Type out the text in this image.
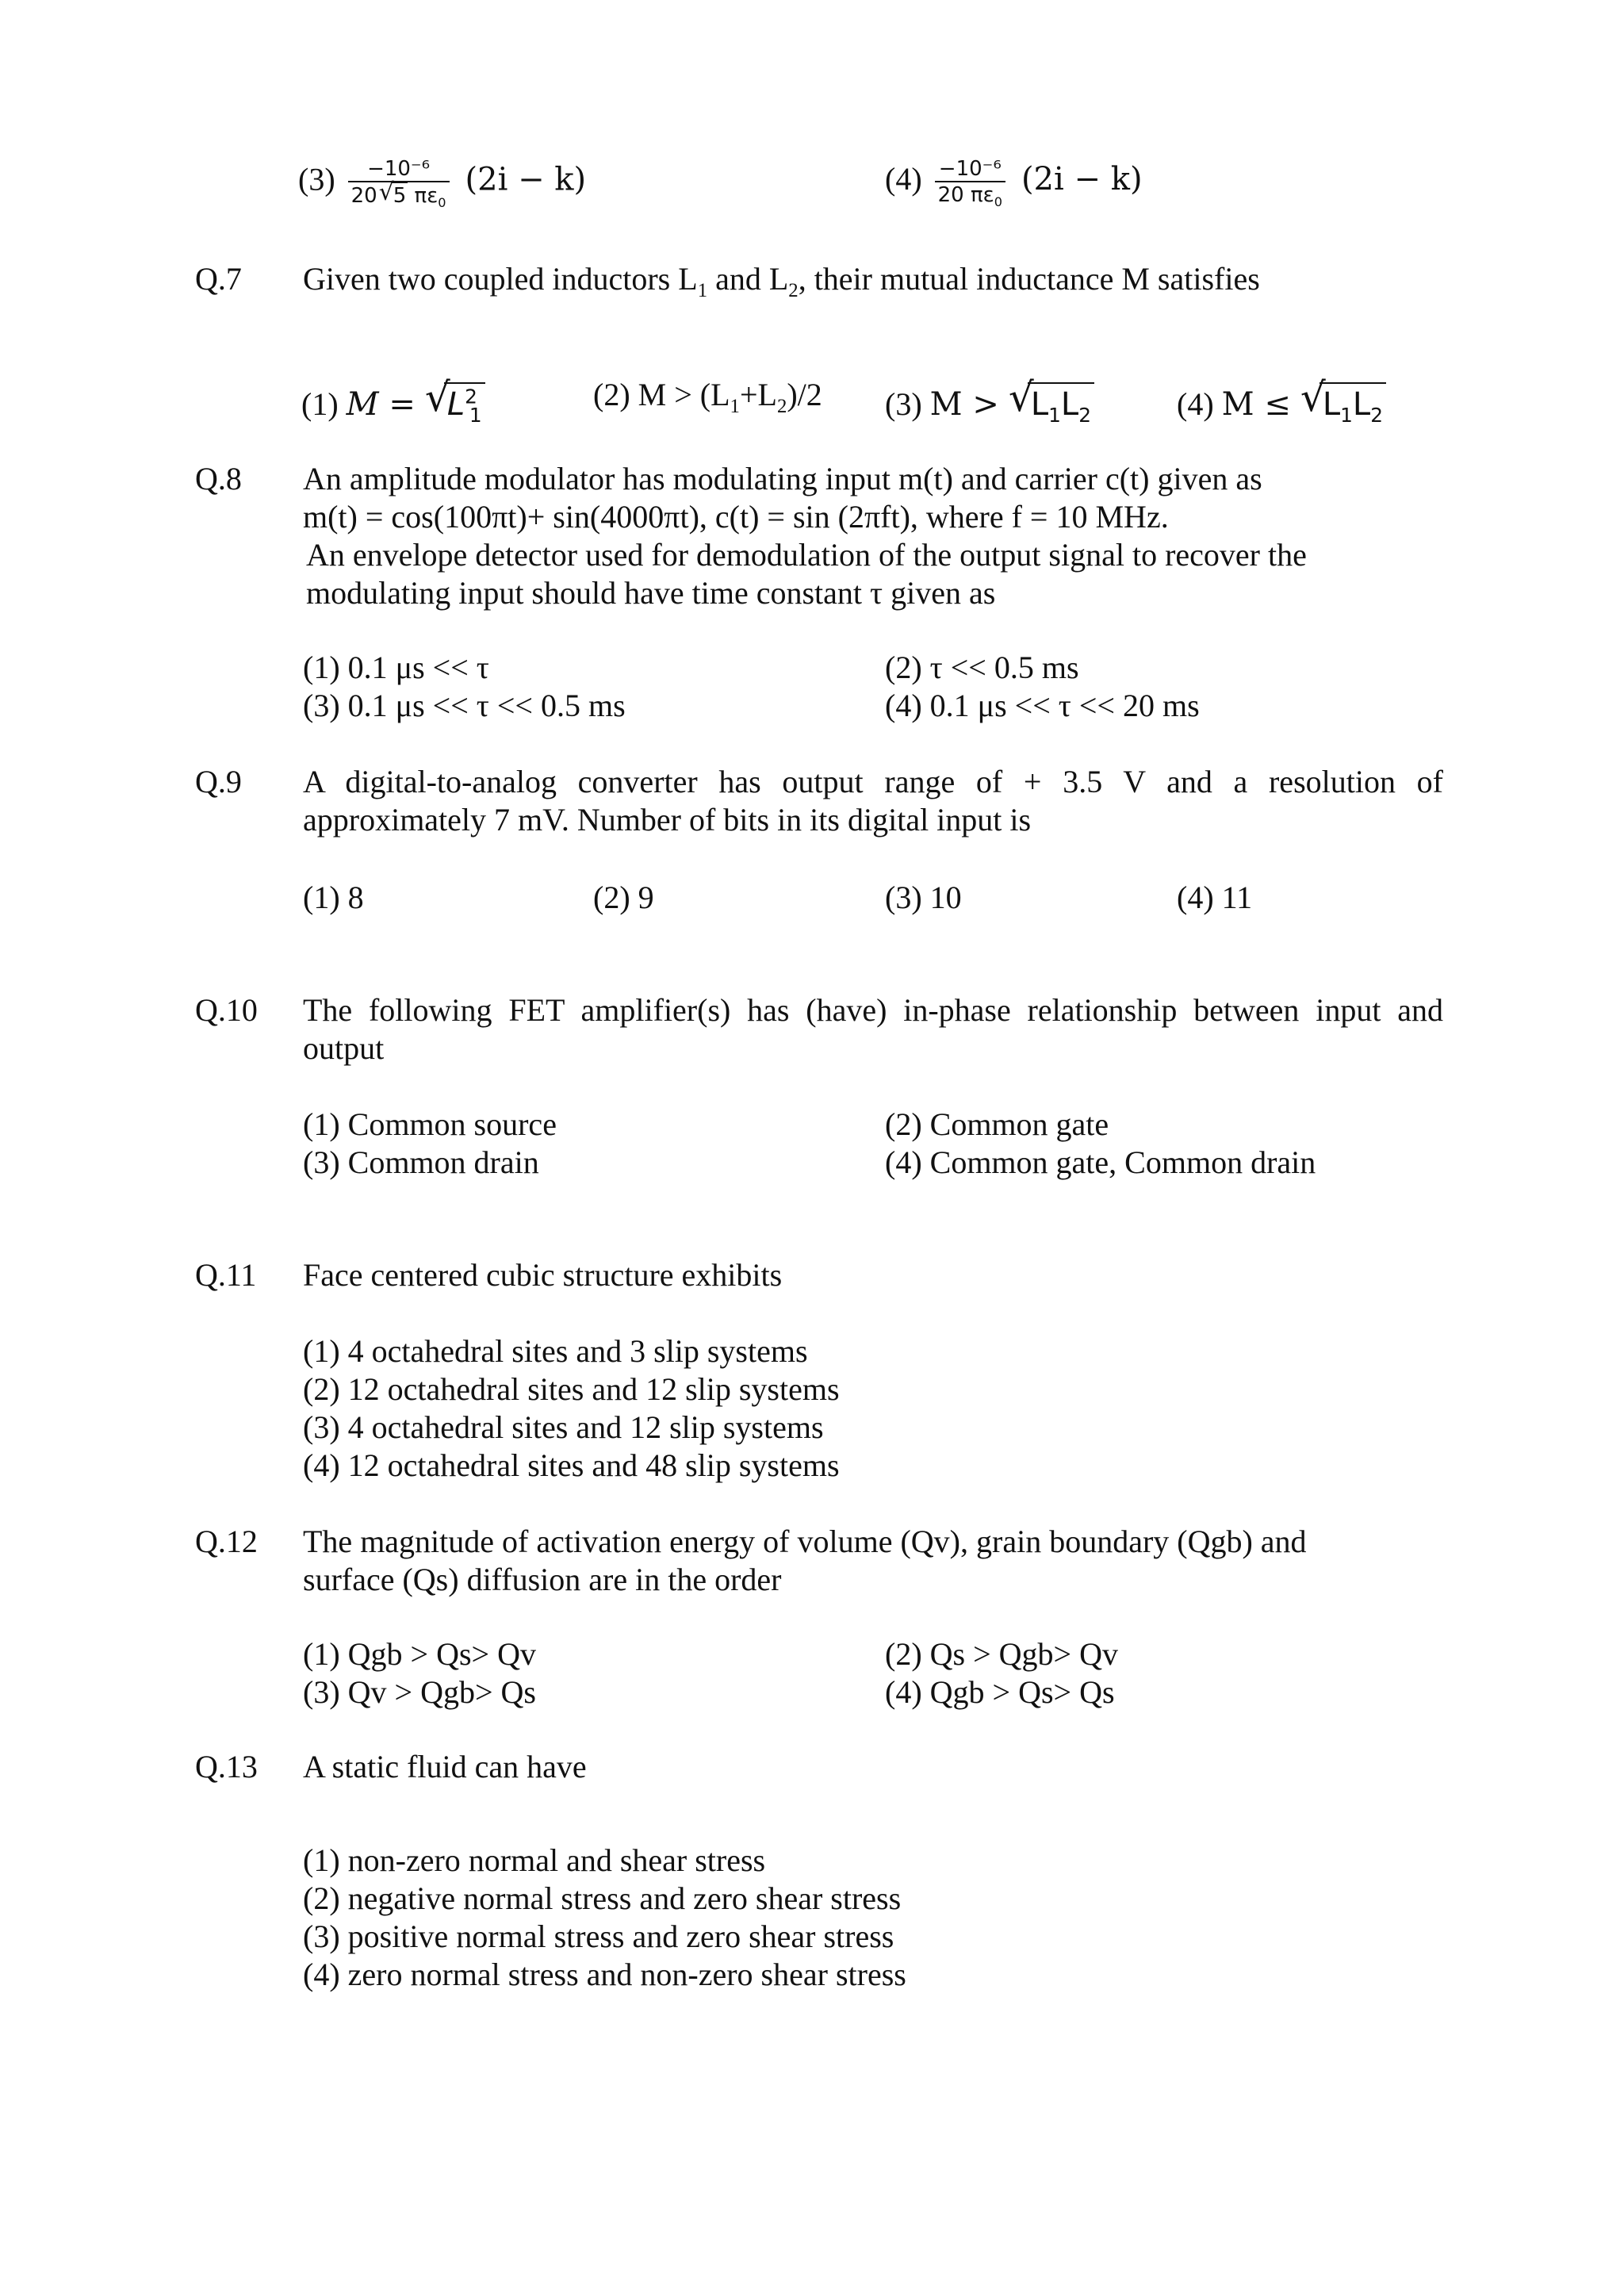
(3) −10⁻⁶
20 √
5 $\pi\varepsilon_0$ (2i − k)	$(4) \frac{\text{−10⁻⁶}}{20 \pi\varepsilon_0} (2i - k)$
Q.7 Given two coupled inductors $L_1$ and $L_2$, their mutual inductance M satisfies
(1) M = √
$L^2_1$
(2) $M > (L_1+L_2)/2$ (3) M > √
$L_1L_2$	(4) M ≤ √
$L_1L_2$
Q.8 An amplitude modulator has modulating input m(t) and carrier c(t) given as
m(t) = cos(100πt)+ sin(4000πt), c(t) = sin (2πft), where f = 10 MHz.
An envelope detector used for demodulation of the output signal to recover the
modulating input should have time constant τ given as
(1) 0.1 μs << τ	(2) τ << 0.5 ms
(3) 0.1 μs << τ << 0.5 ms	(4) 0.1 μs << τ << 20 ms
Q.9 A digital-to-analog converter has output range of + 3.5 V and a resolution of approximately 7 mV. Number of bits in its digital input is
(1) 8	(2) 9	(3) 10	(4) 11
Q.10 The following FET amplifier(s) has (have) in-phase relationship between input and output
(1) Common source	(2) Common gate
(3) Common drain	(4) Common gate, Common drain
Q.11 Face centered cubic structure exhibits
(1) 4 octahedral sites and 3 slip systems
(2) 12 octahedral sites and 12 slip systems
(3) 4 octahedral sites and 12 slip systems
(4) 12 octahedral sites and 48 slip systems
Q.12 The magnitude of activation energy of volume (Qv), grain boundary (Qgb) and
surface (Qs) diffusion are in the order
(1) Qgb > Qs> Qv	(2) Qs > Qgb> Qv
(3) Qv > Qgb> Qs	(4) Qgb > Qs> Qs
Q.13 A static fluid can have
(1) non-zero normal and shear stress
(2) negative normal stress and zero shear stress
(3) positive normal stress and zero shear stress
(4) zero normal stress and non-zero shear stress
